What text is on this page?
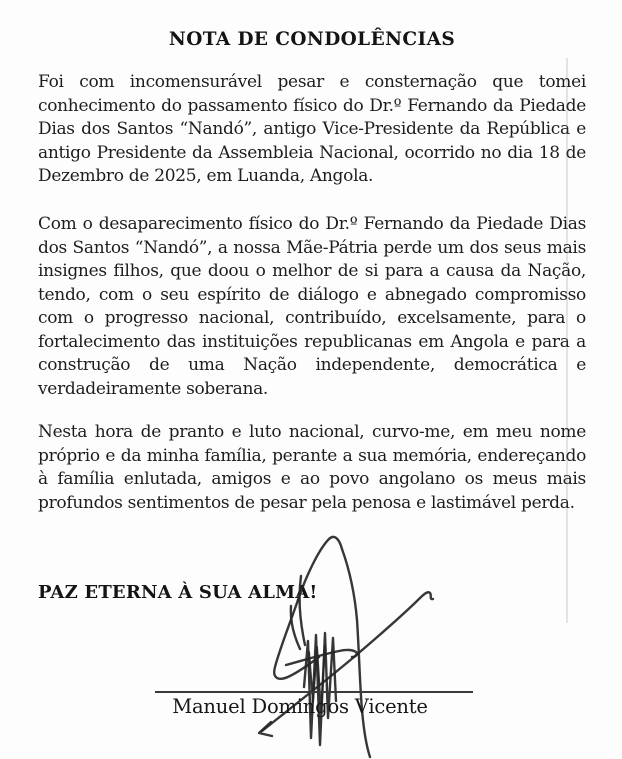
NOTA DE CONDOLÊNCIAS

Foi com incomensurável pesar e consternação que tomei conhecimento do passamento físico do Dr.º Fernando da Piedade Dias dos Santos “Nandó”, antigo Vice-Presidente da República e antigo Presidente da Assembleia Nacional, ocorrido no dia 18 de Dezembro de 2025, em Luanda, Angola.

Com o desaparecimento físico do Dr.º Fernando da Piedade Dias dos Santos “Nandó”, a nossa Mãe-Pátria perde um dos seus mais insignes filhos, que doou o melhor de si para a causa da Nação, tendo, com o seu espírito de diálogo e abnegado compromisso com o progresso nacional, contribuído, excelsamente, para o fortalecimento das instituições republicanas em Angola e para a construção de uma Nação independente, democrática e verdadeiramente soberana.

Nesta hora de pranto e luto nacional, curvo-me, em meu nome próprio e da minha família, perante a sua memória, endereçando à família enlutada, amigos e ao povo angolano os meus mais profundos sentimentos de pesar pela penosa e lastimável perda.

PAZ ETERNA À SUA ALMA!

Manuel Domingos Vicente
